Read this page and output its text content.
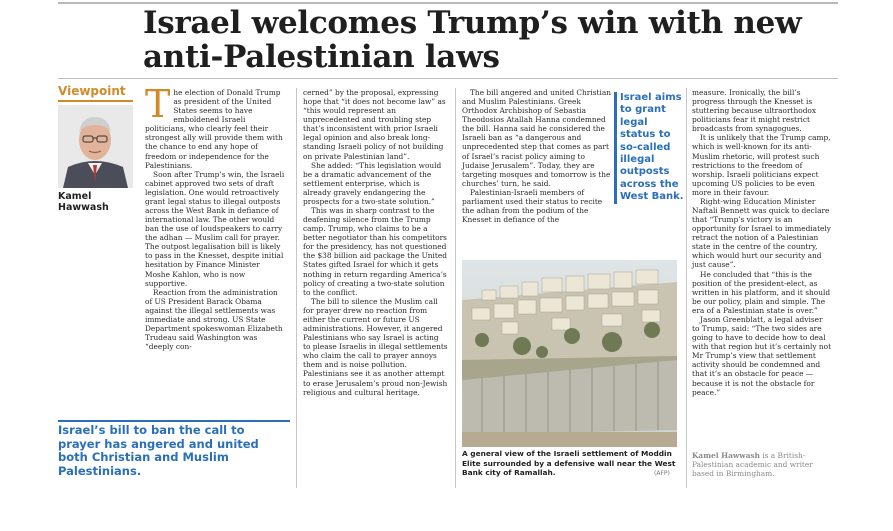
Israel welcomes Trump’s win with new anti-Palestinian laws
Viewpoint
Kamel
Hawwash

The election of Donald Trump as president of the United States seems to have emboldened Israeli politicians, who clearly feel their strongest ally will provide them with the chance to end any hope of freedom or independence for the Palestinians.

Soon after Trump’s win, the Israeli cabinet approved two sets of draft legislation. One would retroactively grant legal status to illegal outposts across the West Bank in defiance of international law. The other would ban the use of loudspeakers to carry the adhan — Muslim call for prayer. The outpost legalisation bill is likely to pass in the Knesset, despite initial hesitation by Finance Minister Moshe Kahlon, who is now supportive.

Reaction from the administration of US President Barack Obama against the illegal settlements was immediate and strong. US State Department spokeswoman Elizabeth Trudeau said Washington was “deeply con-

cerned” by the proposal, expressing hope that “it does not become law” as “this would represent an unprecedented and troubling step that’s inconsistent with prior Israeli legal opinion and also break long-standing Israeli policy of not building on private Palestinian land”.

She added: “This legislation would be a dramatic advancement of the settlement enterprise, which is already gravely endangering the prospects for a two-state solution.”

This was in sharp contrast to the deafening silence from the Trump camp. Trump, who claims to be a better negotiator than his competitors for the presidency, has not questioned the $38 billion aid package the United States gifted Israel for which it gets nothing in return regarding America’s policy of creating a two-state solution to the conflict.

The bill to silence the Muslim call for prayer drew no reaction from either the current or future US administrations. However, it angered Palestinians who say Israel is acting to please Israelis in illegal settlements who claim the call to prayer annoys them and is noise pollution. Palestinians see it as another attempt to erase Jerusalem’s proud non-Jewish religious and cultural heritage.

The bill angered and united Christian and Muslim Palestinians. Greek Orthodox Archbishop of Sebastia Theodosios Atallah Hanna condemned the bill. Hanna said he considered the Israeli ban as “a dangerous and unprecedented step that comes as part of Israel’s racist policy aiming to Judaise Jerusalem”. Today, they are targeting mosques and tomorrow is the churches’ turn, he said.

Palestinian-Israeli members of parliament used their status to recite the adhan from the podium of the Knesset in defiance of the

Israel aims to grant legal status to so-called illegal outposts across the West Bank.

measure. Ironically, the bill’s progress through the Knesset is stuttering because ultraorthodox politicians fear it might restrict broadcasts from synagogues.

It is unlikely that the Trump camp, which is well-known for its anti-Muslim rhetoric, will protest such restrictions to the freedom of worship. Israeli politicians expect upcoming US policies to be even more in their favour.

Right-wing Education Minister Naftali Bennett was quick to declare that “Trump’s victory is an opportunity for Israel to immediately retract the notion of a Palestinian state in the centre of the country, which would hurt our security and just cause”.

He concluded that “this is the position of the president-elect, as written in his platform, and it should be our policy, plain and simple. The era of a Palestinian state is over.”

Jason Greenblatt, a legal adviser to Trump, said: “The two sides are going to have to decide how to deal with that region but it’s certainly not Mr Trump’s view that settlement activity should be condemned and that it’s an obstacle for peace — because it is not the obstacle for peace.”

Israel’s bill to ban the call to prayer has angered and united both Christian and Muslim Palestinians.
A general view of the Israeli settlement of Moddin Elite surrounded by a defensive wall near the West Bank city of Ramallah.	(AFP)
Kamel Hawwash is a British-Palestinian academic and writer based in Birmingham.
